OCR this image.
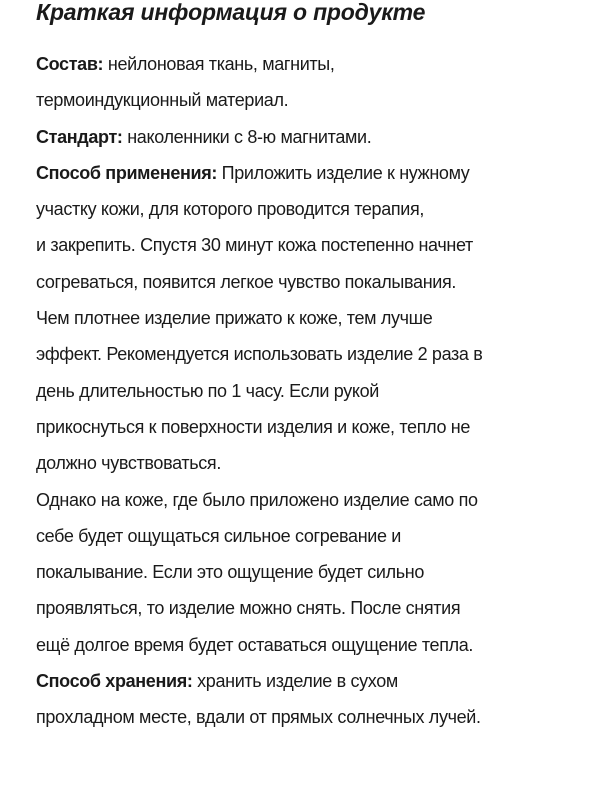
Краткая информация о продукте
Состав: нейлоновая ткань, магниты,
термоиндукционный материал.
Стандарт: наколенники с 8-ю магнитами.
Способ применения: Приложить изделие к нужному
участку кожи, для которого проводится терапия,
и закрепить. Спустя 30 минут кожа постепенно начнет
согреваться, появится легкое чувство покалывания.
Чем плотнее изделие прижато к коже, тем лучше
эффект. Рекомендуется использовать изделие 2 раза в
день длительностью по 1 часу. Если рукой
прикоснуться к поверхности изделия и коже, тепло не
должно чувствоваться.
Однако на коже, где было приложено изделие само по
себе будет ощущаться сильное согревание и
покалывание. Если это ощущение будет сильно
проявляться, то изделие можно снять. После снятия
ещё долгое время будет оставаться ощущение тепла.
Способ хранения: хранить изделие в сухом
прохладном месте, вдали от прямых солнечных лучей.
